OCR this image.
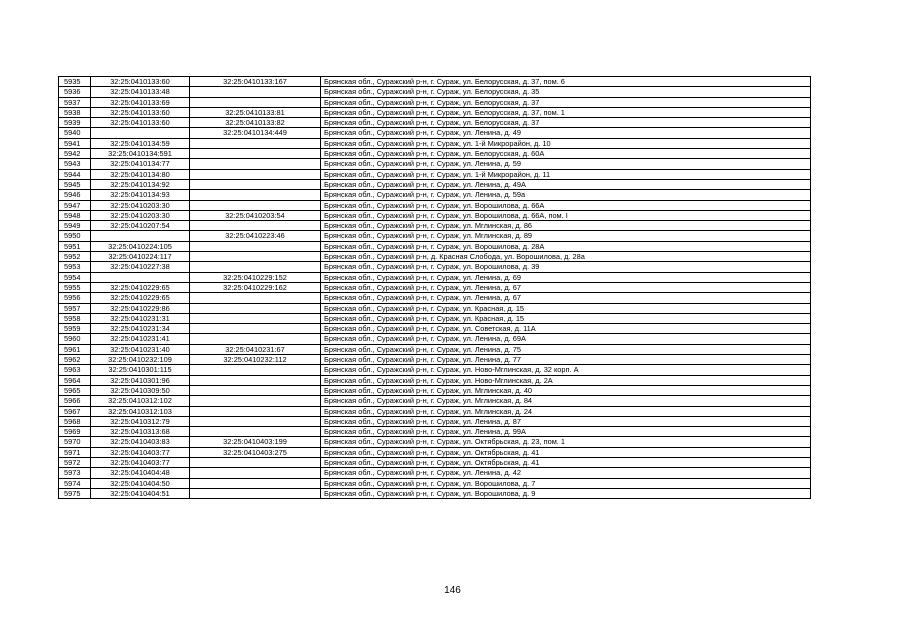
5935	32:25:0410133:60	32:25:0410133:167	Брянская обл., Суражский р-н, г. Сураж, ул. Белорусская, д. 37, пом. 6
5936	32:25:0410133:48		Брянская обл., Суражский р-н, г. Сураж, ул. Белорусская, д. 35
5937	32:25:0410133:69		Брянская обл., Суражский р-н, г. Сураж, ул. Белорусская, д. 37
5938	32:25:0410133:60	32:25:0410133:81	Брянская обл., Суражский р-н, г. Сураж, ул. Белорусская, д. 37, пом. 1
5939	32:25:0410133:60	32:25:0410133:82	Брянская обл., Суражский р-н, г. Сураж, ул. Белорусская, д. 37
5940		32:25:0410134:449	Брянская обл., Суражский р-н, г. Сураж, ул. Ленина, д. 49
5941	32:25:0410134:59		Брянская обл., Суражский р-н, г. Сураж, ул. 1-й Микрорайон, д. 10
5942	32:25:0410134:591		Брянская обл., Суражский р-н, г. Сураж, ул. Белорусская, д. 60А
5943	32:25:0410134:77		Брянская обл., Суражский р-н, г. Сураж, ул. Ленина, д. 59
5944	32:25:0410134:80		Брянская обл., Суражский р-н, г. Сураж, ул. 1-й Микрорайон, д. 11
5945	32:25:0410134:92		Брянская обл., Суражский р-н, г. Сураж, ул. Ленина, д. 49А
5946	32:25:0410134:93		Брянская обл., Суражский р-н, г. Сураж, ул. Ленина, д. 59а
5947	32:25:0410203:30		Брянская обл., Суражский р-н, г. Сураж, ул. Ворошилова, д. 66А
5948	32:25:0410203:30	32:25:0410203:54	Брянская обл., Суражский р-н, г. Сураж, ул. Ворошилова, д. 66А, пом. I
5949	32:25:0410207:54		Брянская обл., Суражский р-н, г. Сураж, ул. Мглинская, д. 86
5950		32:25:0410223:46	Брянская обл., Суражский р-н, г. Сураж, ул. Мглинская, д. 89
5951	32:25:0410224:105		Брянская обл., Суражский р-н, г. Сураж, ул. Ворошилова, д. 28А
5952	32:25:0410224:117		Брянская обл., Суражский р-н, д. Красная Слобода, ул. Ворошилова, д. 28а
5953	32:25:0410227:38		Брянская обл., Суражский р-н, г. Сураж, ул. Ворошилова, д. 39
5954		32:25:0410229:152	Брянская обл., Суражский р-н, г. Сураж, ул. Ленина, д. 69
5955	32:25:0410229:65	32:25:0410229:162	Брянская обл., Суражский р-н, г. Сураж, ул. Ленина, д. 67
5956	32:25:0410229:65		Брянская обл., Суражский р-н, г. Сураж, ул. Ленина, д. 67
5957	32:25:0410229:86		Брянская обл., Суражский р-н, г. Сураж, ул. Красная, д. 15
5958	32:25:0410231:31		Брянская обл., Суражский р-н, г. Сураж, ул. Красная, д. 15
5959	32:25:0410231:34		Брянская обл., Суражский р-н, г. Сураж, ул. Советская, д. 11А
5960	32:25:0410231:41		Брянская обл., Суражский р-н, г. Сураж, ул. Ленина, д. 69А
5961	32:25:0410231:40	32:25:0410231:67	Брянская обл., Суражский р-н, г. Сураж, ул. Ленина, д. 75
5962	32:25:0410232:109	32:25:0410232:112	Брянская обл., Суражский р-н, г. Сураж, ул. Ленина, д. 77
5963	32:25:0410301:115		Брянская обл., Суражский р-н, г. Сураж, ул. Ново-Мглинская, д. 32 корп. А
5964	32:25:0410301:96		Брянская обл., Суражский р-н, г. Сураж, ул. Ново-Мглинская, д. 2А
5965	32:25:0410309:50		Брянская обл., Суражский р-н, г. Сураж, ул. Мглинская, д. 40
5966	32:25:0410312:102		Брянская обл., Суражский р-н, г. Сураж, ул. Мглинская, д. 84
5967	32:25:0410312:103		Брянская обл., Суражский р-н, г. Сураж, ул. Мглинская, д. 24
5968	32:25:0410312:79		Брянская обл., Суражский р-н, г. Сураж, ул. Ленина, д. 87
5969	32:25:0410313:68		Брянская обл., Суражский р-н, г. Сураж, ул. Ленина, д. 99А
5970	32:25:0410403:83	32:25:0410403:199	Брянская обл., Суражский р-н, г. Сураж, ул. Октябрьская, д. 23, пом. 1
5971	32:25:0410403:77	32:25:0410403:275	Брянская обл., Суражский р-н, г. Сураж, ул. Октябрьская, д. 41
5972	32:25:0410403:77		Брянская обл., Суражский р-н, г. Сураж, ул. Октябрьская, д. 41
5973	32:25:0410404:48		Брянская обл., Суражский р-н, г. Сураж, ул. Ленина, д. 42
5974	32:25:0410404:50		Брянская обл., Суражский р-н, г. Сураж, ул. Ворошилова, д. 7
5975	32:25:0410404:51		Брянская обл., Суражский р-н, г. Сураж, ул. Ворошилова, д. 9
146
